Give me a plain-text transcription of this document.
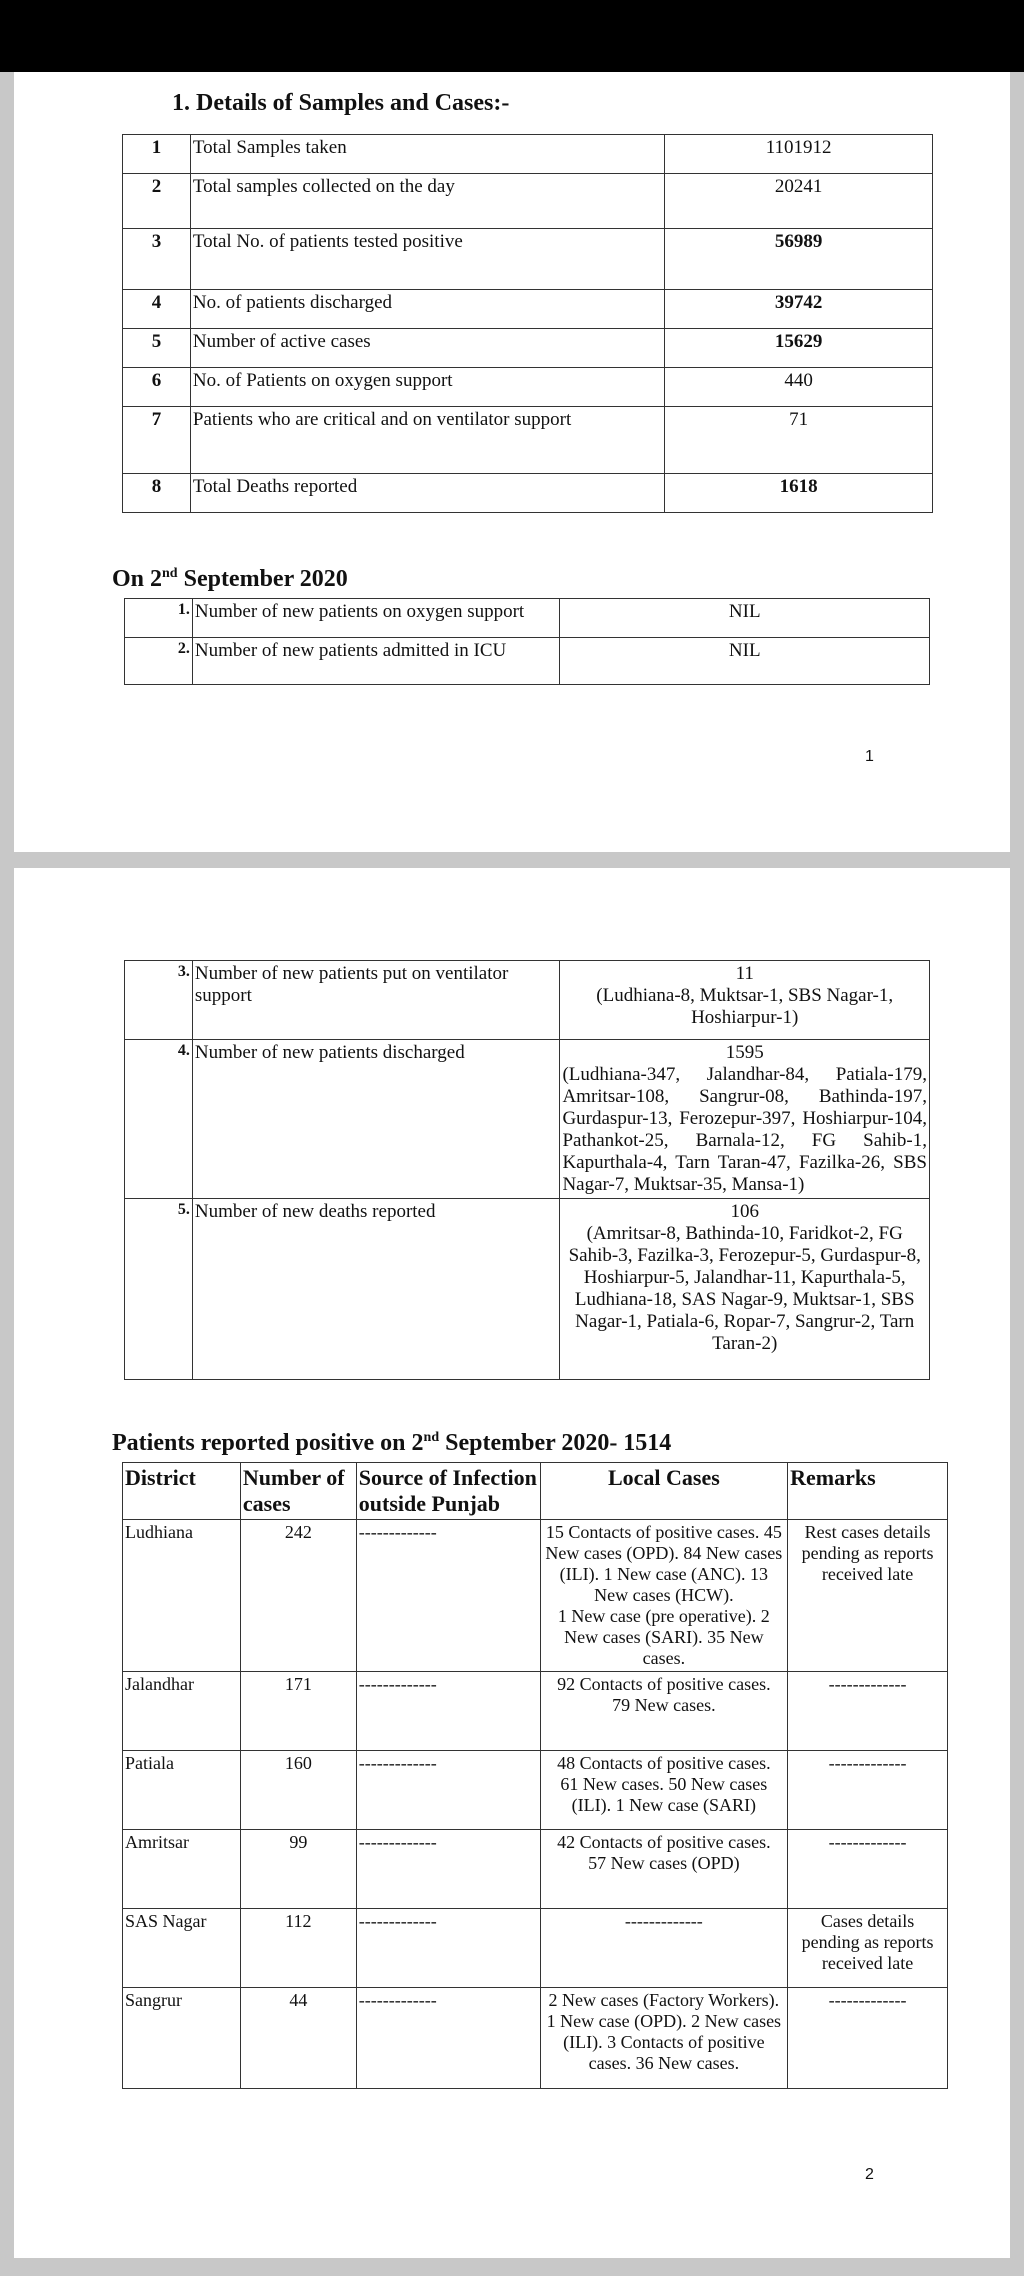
1. Details of Samples and Cases:-
1	Total Samples taken	1101912
2	Total samples collected on the day	20241
3	Total No. of patients tested positive	56989
4	No. of patients discharged	39742
5	Number of active cases	15629
6	No. of Patients on oxygen support	440
7	Patients who are critical and on ventilator support	71
8	Total Deaths reported	1618
On 2nd September 2020
1.	Number of new patients on oxygen support	NIL
2.	Number of new patients admitted in ICU	NIL
1
3.	Number of new patients put on ventilator support	11
(Ludhiana-8, Muktsar-1, SBS Nagar-1, Hoshiarpur-1)
4.	Number of new patients discharged	1595
(Ludhiana-347, Jalandhar-84, Patiala-179, Amritsar-108, Sangrur-08, Bathinda-197, Gurdaspur-13, Ferozepur-397, Hoshiarpur-104, Pathankot-25, Barnala-12, FG Sahib-1, Kapurthala-4, Tarn Taran-47, Fazilka-26, SBS Nagar-7, Muktsar-35, Mansa-1)

5.	Number of new deaths reported	106
(Amritsar-8, Bathinda-10, Faridkot-2, FG Sahib-3, Fazilka-3, Ferozepur-5, Gurdaspur-8, Hoshiarpur-5, Jalandhar-11, Kapurthala-5, Ludhiana-18, SAS Nagar-9, Muktsar-1, SBS Nagar-1, Patiala-6, Ropar-7, Sangrur-2, Tarn Taran-2)
Patients reported positive on 2nd September 2020- 1514
District	Number of cases	Source of Infection outside Punjab	Local Cases	Remarks
Ludhiana	242	-------------	15 Contacts of positive cases. 45 New cases (OPD). 84 New cases (ILI). 1 New case (ANC). 13 New cases (HCW).
1 New case (pre operative). 2 New cases (SARI). 35 New cases.	Rest cases details pending as reports received late
Jalandhar	171	-------------	92 Contacts of positive cases.
79 New cases.	-------------
Patiala	160	-------------	48 Contacts of positive cases.
61 New cases. 50 New cases (ILI). 1 New case (SARI)	-------------
Amritsar	99	-------------	42 Contacts of positive cases.
57 New cases (OPD)	-------------
SAS Nagar	112	-------------	-------------	Cases details pending as reports received late
Sangrur	44	-------------	2 New cases (Factory Workers). 1 New case (OPD). 2 New cases (ILI). 3 Contacts of positive cases. 36 New cases.	-------------
2
